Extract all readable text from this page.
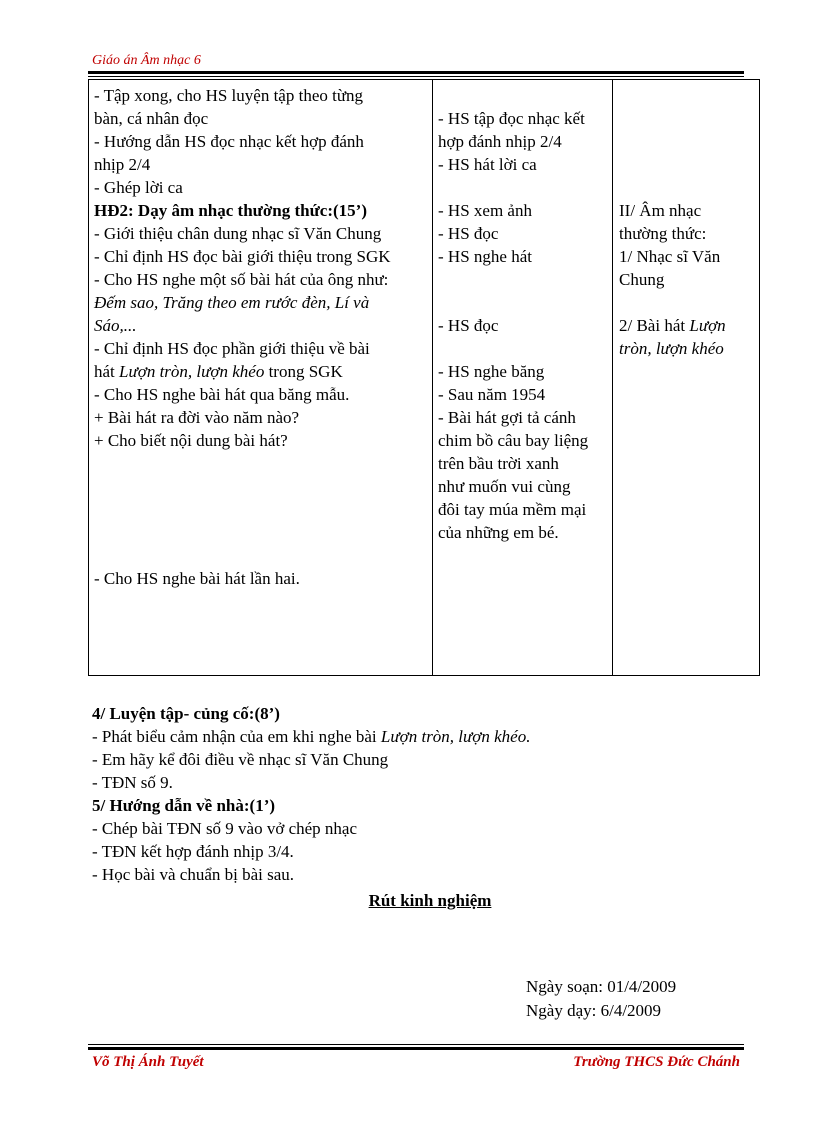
Giáo án Âm nhạc 6

- Tập xong, cho HS luyện tập theo từng

bàn, cá nhân đọc

- Hướng dẫn HS đọc nhạc kết hợp đánh

nhịp 2/4

- Ghép lời ca

HĐ2: Dạy âm nhạc thường thức:(15’)

- Giới thiệu chân dung nhạc sĩ Văn Chung

- Chỉ định HS đọc bài giới thiệu trong SGK

- Cho HS nghe một số bài hát của ông như:

Đếm sao, Trăng theo em rước đèn, Lí và

Sáo,...

- Chỉ định HS đọc phần giới thiệu về bài

hát Lượn tròn, lượn khéo trong SGK

- Cho HS nghe bài hát qua băng mẫu.

+ Bài hát ra đời vào năm nào?

+ Cho biết nội dung bài hát?

- Cho HS nghe bài hát lần hai.

- HS tập đọc nhạc kết

hợp đánh nhịp 2/4

- HS hát lời ca

- HS xem ảnh

- HS đọc

- HS nghe hát

- HS đọc

- HS nghe băng

- Sau năm 1954

- Bài hát gợi tả cánh

chim bồ câu bay liệng

trên bầu trời xanh

như muốn vui cùng

đôi tay múa mềm mại

của những em bé.

II/ Âm nhạc

thường thức:

1/ Nhạc sĩ Văn

Chung

2/ Bài hát Lượn

tròn, lượn khéo

4/ Luyện tập- củng cố:(8’)

- Phát biểu cảm nhận của em khi nghe bài Lượn tròn, lượn khéo.

- Em hãy kể đôi điều về nhạc sĩ Văn Chung

- TĐN số 9.

5/ Hướng dẫn về nhà:(1’)

- Chép bài TĐN số 9 vào vở chép nhạc

- TĐN kết hợp đánh nhịp 3/4.

- Học bài và chuẩn bị bài sau.

Rút kinh nghiệm

Ngày soạn: 01/4/2009

Ngày dạy: 6/4/2009

Võ Thị Ánh Tuyết	Trường THCS Đức Chánh
